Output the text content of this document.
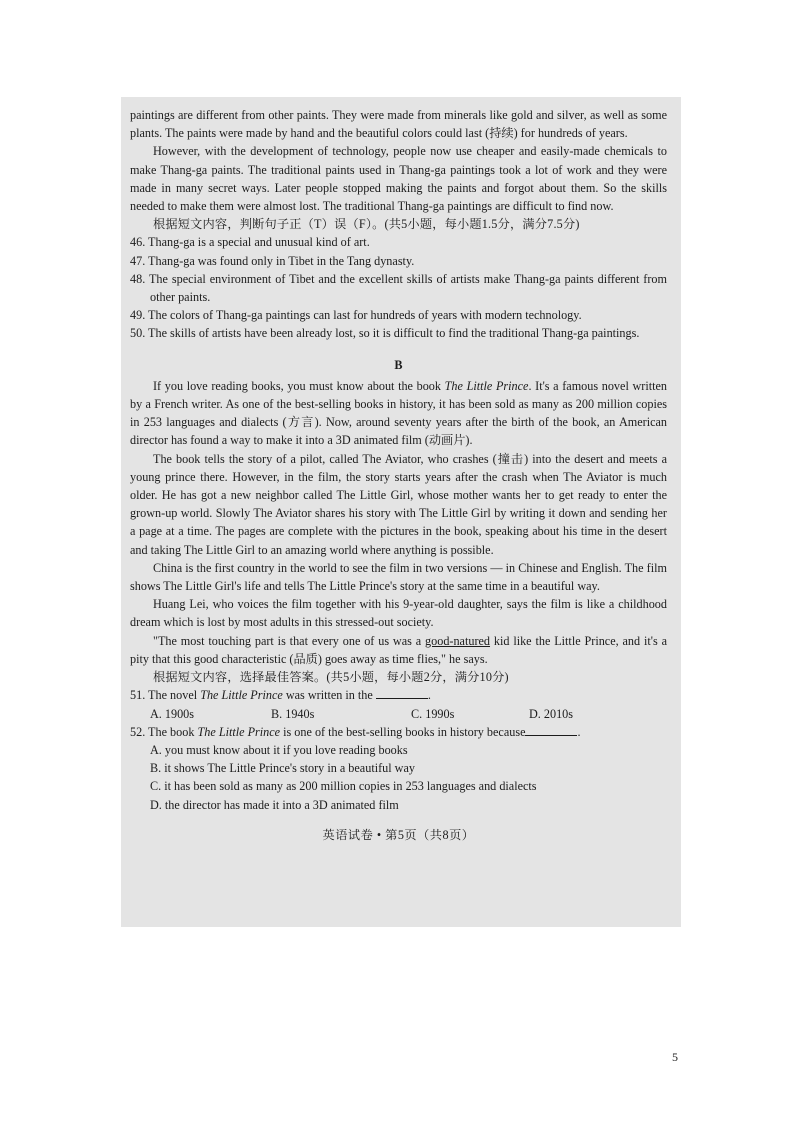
paintings are different from other paints. They were made from minerals like gold and silver, as well as some plants. The paints were made by hand and the beautiful colors could last (持续) for hundreds of years.

However, with the development of technology, people now use cheaper and easily-made chemicals to make Thang-ga paints. The traditional paints used in Thang-ga paintings took a lot of work and they were made in many secret ways. Later people stopped making the paints and forgot about them. So the skills needed to make them were almost lost. The traditional Thang-ga paintings are difficult to find now.

根据短文内容，判断句子正（T）误（F）。(共5小题，每小题1.5分，满分7.5分)

46. Thang-ga is a special and unusual kind of art.

47. Thang-ga was found only in Tibet in the Tang dynasty.

48. The special environment of Tibet and the excellent skills of artists make Thang-ga paints different from other paints.

49. The colors of Thang-ga paintings can last for hundreds of years with modern technology.

50. The skills of artists have been already lost, so it is difficult to find the traditional Thang-ga paintings.

B

If you love reading books, you must know about the book The Little Prince. It's a famous novel written by a French writer. As one of the best-selling books in history, it has been sold as many as 200 million copies in 253 languages and dialects (方言). Now, around seventy years after the birth of the book, an American director has found a way to make it into a 3D animated film (动画片).

The book tells the story of a pilot, called The Aviator, who crashes (撞击) into the desert and meets a young prince there. However, in the film, the story starts years after the crash when The Aviator is much older. He has got a new neighbor called The Little Girl, whose mother wants her to get ready to enter the grown-up world. Slowly The Aviator shares his story with The Little Girl by writing it down and sending her a page at a time. The pages are complete with the pictures in the book, speaking about his time in the desert and taking The Little Girl to an amazing world where anything is possible.

China is the first country in the world to see the film in two versions — in Chinese and English. The film shows The Little Girl's life and tells The Little Prince's story at the same time in a beautiful way.

Huang Lei, who voices the film together with his 9-year-old daughter, says the film is like a childhood dream which is lost by most adults in this stressed-out society.

"The most touching part is that every one of us was a good-natured kid like the Little Prince, and it's a pity that this good characteristic (品质) goes away as time flies," he says.

根据短文内容，选择最佳答案。(共5小题，每小题2分，满分10分)

51. The novel The Little Prince was written in the	.

A. 1900s	B. 1940s	C. 1990s	D. 2010s

52. The book The Little Prince is one of the best-selling books in history because	.

A. you must know about it if you love reading books

B. it shows The Little Prince's story in a beautiful way

C. it has been sold as many as 200 million copies in 253 languages and dialects

D. the director has made it into a 3D animated film

英语试卷 • 第5页（共8页）

5
